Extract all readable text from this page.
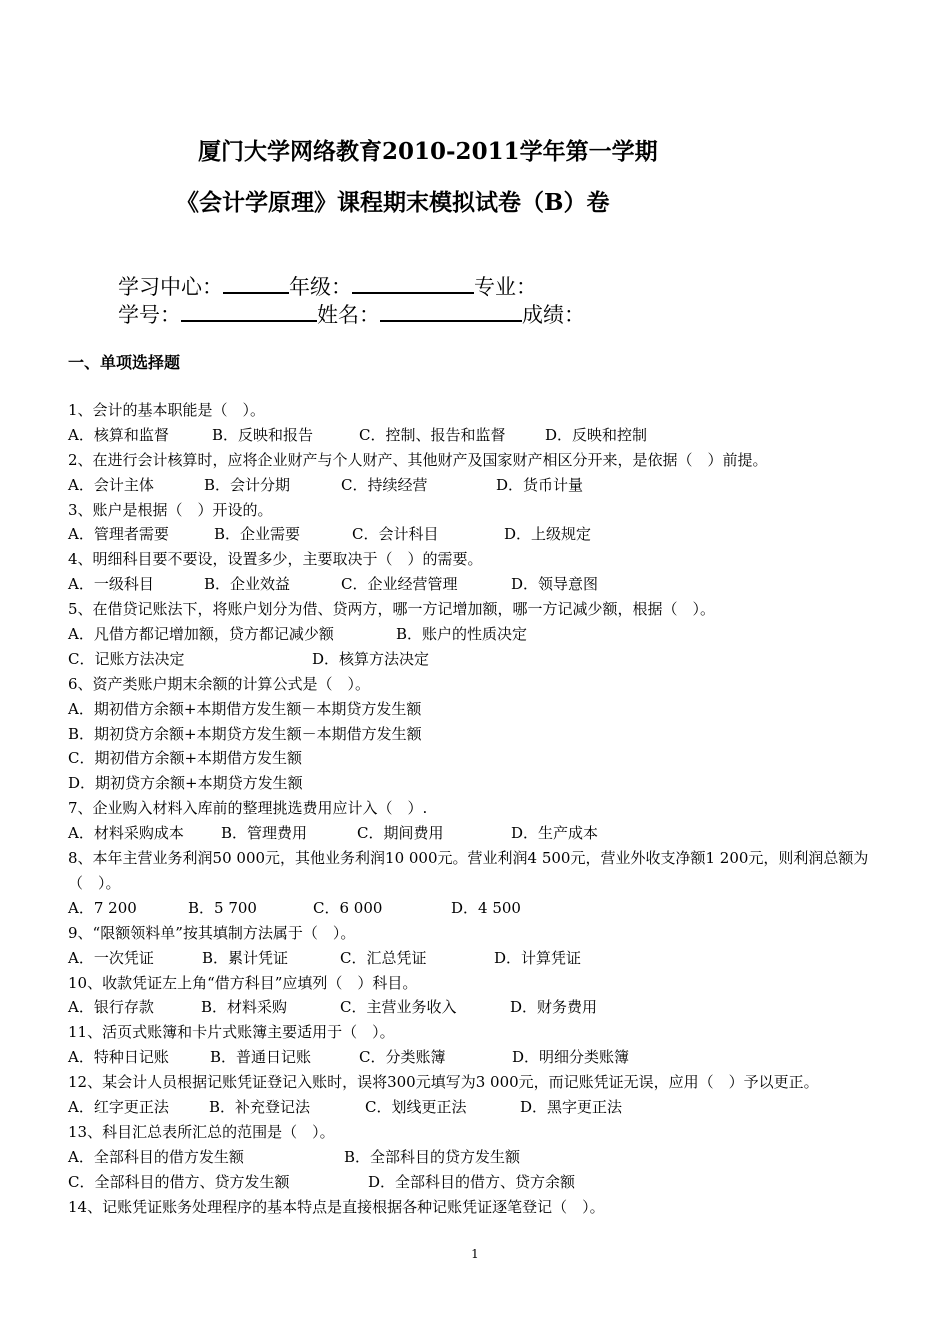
厦门大学网络教育2010-2011学年第一学期
《会计学原理》课程期末模拟试卷（B）卷
学习中心：	年级：	专业：
学号：	姓名：	成绩：
一、单项选择题
1、会计的基本职能是（　）。
A．核算和监督	B．反映和报告	C．控制、报告和监督	D．反映和控制
2、在进行会计核算时，应将企业财产与个人财产、其他财产及国家财产相区分开来，是依据（　）前提。
A．会计主体	B．会计分期	C．持续经营	D．货币计量
3、账户是根据（　）开设的。
A．管理者需要	B．企业需要	C．会计科目	D．上级规定
4、明细科目要不要设，设置多少，主要取决于（　）的需要。
A．一级科目	B．企业效益	C．企业经营管理	D．领导意图
5、在借贷记账法下，将账户划分为借、贷两方，哪一方记增加额，哪一方记减少额，根据（　）。
A．凡借方都记增加额，贷方都记减少额	B．账户的性质决定
C．记账方法决定	D．核算方法决定
6、资产类账户期末余额的计算公式是（　）。
A．期初借方余额+本期借方发生额－本期贷方发生额
B．期初贷方余额+本期贷方发生额－本期借方发生额
C．期初借方余额+本期借方发生额
D．期初贷方余额+本期贷方发生额
7、企业购入材料入库前的整理挑选费用应计入（　）.
A．材料采购成本 B．管理费用	C．期间费用	D．生产成本
8、本年主营业务利润50 000元，其他业务利润10 000元。营业利润4 500元，营业外收支净额1 200元，则利润总额为（　）。
A．7 200	B．5 700	C．6 000	D．4 500
9、“限额领料单”按其填制方法属于（　）。
A．一次凭证	B．累计凭证	C．汇总凭证	D．计算凭证
10、收款凭证左上角“借方科目”应填列（　）科目。
A．银行存款	B．材料采购	C．主营业务收入	D．财务费用
11、活页式账簿和卡片式账簿主要适用于（　）。
A．特种日记账	B．普通日记账	C．分类账簿	D．明细分类账簿
12、某会计人员根据记账凭证登记入账时，误将300元填写为3 000元，而记账凭证无误，应用（　）予以更正。
A．红字更正法	B．补充登记法	C．划线更正法	D．黑字更正法
13、科目汇总表所汇总的范围是（　）。
A．全部科目的借方发生额	B．全部科目的贷方发生额
C．全部科目的借方、贷方发生额	D．全部科目的借方、贷方余额
14、记账凭证账务处理程序的基本特点是直接根据各种记账凭证逐笔登记（　）。
1
